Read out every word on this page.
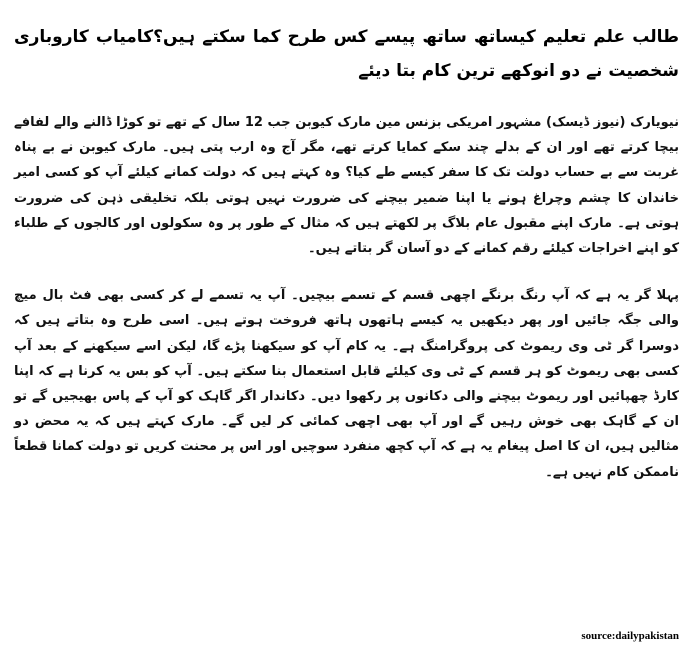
طالب علم تعلیم کیساتھ ساتھ پیسے کس طرح کما سکتے ہیں؟کامیاب کاروباری شخصیت نے دو انوکھے ترین کام بتا دیئے

نیویارک (نیوز ڈیسک) مشہور امریکی بزنس مین مارک کیوبن جب 12 سال کے تھے تو کوڑا ڈالنے والے لفافے بیچا کرتے تھے اور ان کے بدلے چند سکے کمایا کرتے تھے، مگر آج وہ ارب پتی ہیں۔ مارک کیوبن نے بے پناہ غربت سے بے حساب دولت تک کا سفر کیسے طے کیا؟ وہ کہتے ہیں کہ دولت کمانے کیلئے آپ کو کسی امیر خاندان کا چشم وچراغ ہونے یا اپنا ضمیر بیچنے کی ضرورت نہیں ہوتی بلکہ تخلیقی ذہن کی ضرورت ہوتی ہے۔ مارک اپنے مقبول عام بلاگ پر لکھتے ہیں کہ مثال کے طور پر وہ سکولوں اور کالجوں کے طلباء کو اپنے اخراجات کیلئے رقم کمانے کے دو آسان گر بتاتے ہیں۔

پہلا گر یہ ہے کہ آپ رنگ برنگے اچھی قسم کے تسمے بیچیں۔ آپ یہ تسمے لے کر کسی بھی فٹ بال میچ والی جگہ جائیں اور پھر دیکھیں یہ کیسے ہاتھوں ہاتھ فروخت ہوتے ہیں۔ اسی طرح وہ بتاتے ہیں کہ دوسرا گر ٹی وی ریموٹ کی پروگرامنگ ہے۔ یہ کام آپ کو سیکھنا پڑے گا، لیکن اسے سیکھنے کے بعد آپ کسی بھی ریموٹ کو ہر قسم کے ٹی وی کیلئے قابل استعمال بنا سکتے ہیں۔ آپ کو بس یہ کرنا ہے کہ اپنا کارڈ چھپائیں اور ریموٹ بیچنے والی دکانوں پر رکھوا دیں۔ دکاندار اگر گاہک کو آپ کے پاس بھیجیں گے تو ان کے گاہک بھی خوش رہیں گے اور آپ بھی اچھی کمائی کر لیں گے۔ مارک کہتے ہیں کہ یہ محض دو مثالیں ہیں، ان کا اصل پیغام یہ ہے کہ آپ کچھ منفرد سوچیں اور اس پر محنت کریں تو دولت کمانا قطعاً ناممکن کام نہیں ہے۔

source:dailypakistan
